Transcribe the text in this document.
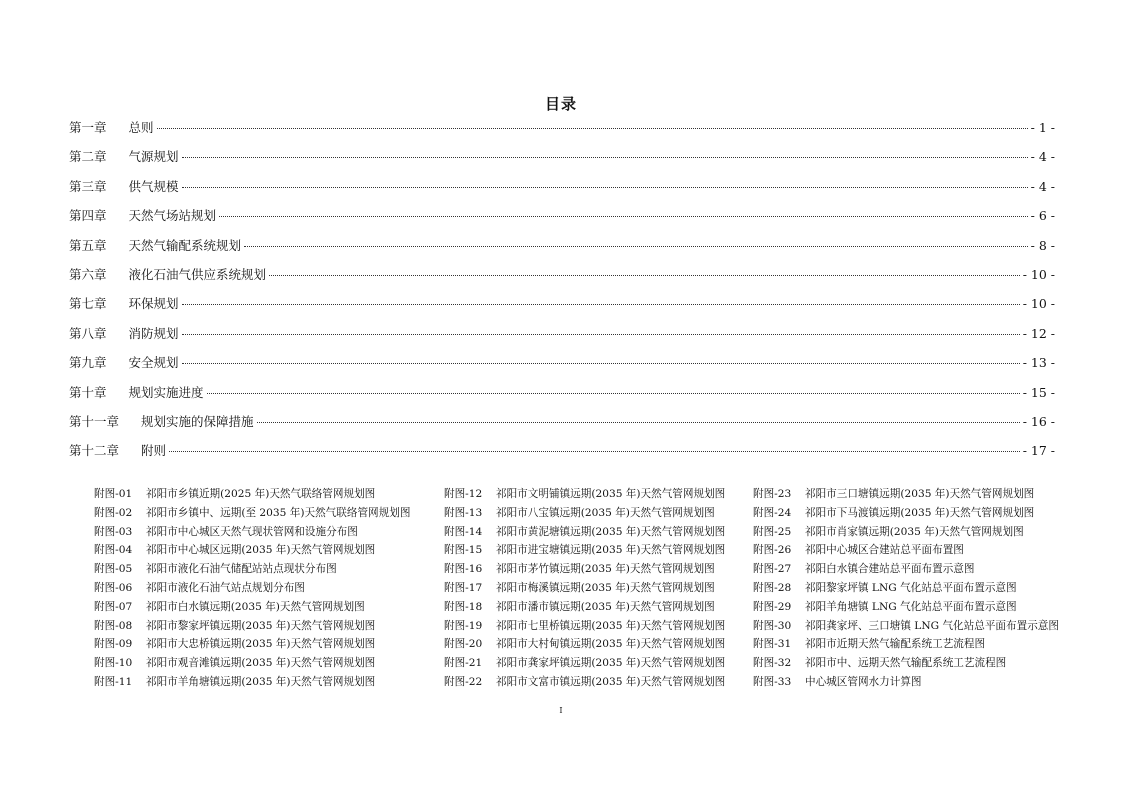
目录
第一章 总则	- 1 -
第二章 气源规划	- 4 -
第三章 供气规模	- 4 -
第四章 天然气场站规划	- 6 -
第五章 天然气输配系统规划	- 8 -
第六章 液化石油气供应系统规划	- 10 -
第七章 环保规划	- 10 -
第八章 消防规划	- 12 -
第九章 安全规划	- 13 -
第十章 规划实施进度	- 15 -
第十一章 规划实施的保障措施	- 16 -
第十二章 附则	- 17 -
附图-01 祁阳市乡镇近期(2025 年)天然气联络管网规划图
附图-02 祁阳市乡镇中、远期(至 2035 年)天然气联络管网规划图
附图-03 祁阳市中心城区天然气现状管网和设施分布图
附图-04 祁阳市中心城区远期(2035 年)天然气管网规划图
附图-05 祁阳市液化石油气储配站站点现状分布图
附图-06 祁阳市液化石油气站点规划分布图
附图-07 祁阳市白水镇远期(2035 年)天然气管网规划图
附图-08 祁阳市黎家坪镇远期(2035 年)天然气管网规划图
附图-09 祁阳市大忠桥镇远期(2035 年)天然气管网规划图
附图-10 祁阳市观音滩镇远期(2035 年)天然气管网规划图
附图-11 祁阳市羊角塘镇远期(2035 年)天然气管网规划图
附图-12 祁阳市文明铺镇远期(2035 年)天然气管网规划图
附图-13 祁阳市八宝镇远期(2035 年)天然气管网规划图
附图-14 祁阳市黄泥塘镇远期(2035 年)天然气管网规划图
附图-15 祁阳市进宝塘镇远期(2035 年)天然气管网规划图
附图-16 祁阳市茅竹镇远期(2035 年)天然气管网规划图
附图-17 祁阳市梅溪镇远期(2035 年)天然气管网规划图
附图-18 祁阳市潘市镇远期(2035 年)天然气管网规划图
附图-19 祁阳市七里桥镇远期(2035 年)天然气管网规划图
附图-20 祁阳市大村甸镇远期(2035 年)天然气管网规划图
附图-21 祁阳市龚家坪镇远期(2035 年)天然气管网规划图
附图-22 祁阳市文富市镇远期(2035 年)天然气管网规划图
附图-23 祁阳市三口塘镇远期(2035 年)天然气管网规划图
附图-24 祁阳市下马渡镇远期(2035 年)天然气管网规划图
附图-25 祁阳市肖家镇远期(2035 年)天然气管网规划图
附图-26 祁阳中心城区合建站总平面布置图
附图-27 祁阳白水镇合建站总平面布置示意图
附图-28 祁阳黎家坪镇 LNG 气化站总平面布置示意图
附图-29 祁阳羊角塘镇 LNG 气化站总平面布置示意图
附图-30 祁阳龚家坪、三口塘镇 LNG 气化站总平面布置示意图
附图-31 祁阳市近期天然气输配系统工艺流程图
附图-32 祁阳市中、远期天然气输配系统工艺流程图
附图-33 中心城区管网水力计算图
I
